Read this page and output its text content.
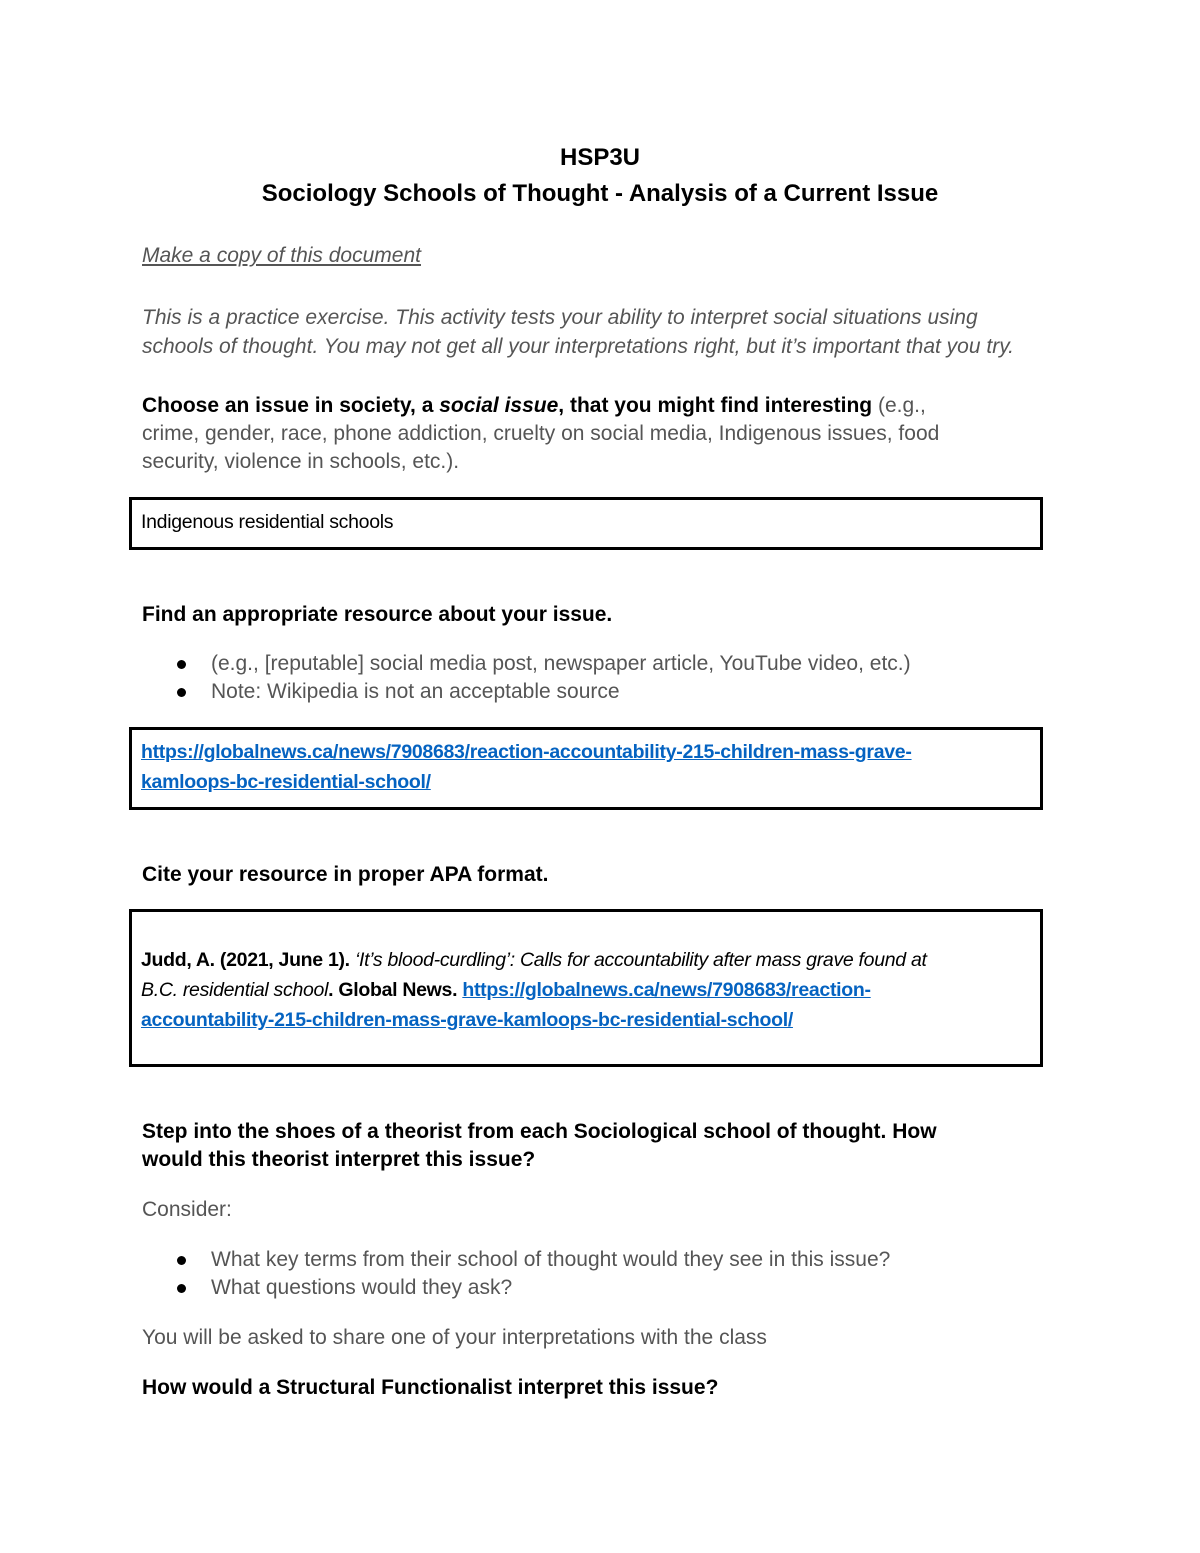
HSP3U
Sociology Schools of Thought - Analysis of a Current Issue
Make a copy of this document
This is a practice exercise. This activity tests your ability to interpret social situations using
schools of thought. You may not get all your interpretations right, but it’s important that you try.
Choose an issue in society, a social issue, that you might find interesting (e.g.,
crime, gender, race, phone addiction, cruelty on social media, Indigenous issues, food
security, violence in schools, etc.).
Indigenous residential schools
Find an appropriate resource about your issue.
(e.g., [reputable] social media post, newspaper article, YouTube video, etc.)
Note: Wikipedia is not an acceptable source
https://globalnews.ca/news/7908683/reaction-accountability-215-children-mass-grave-
kamloops-bc-residential-school/
Cite your resource in proper APA format.
Judd, A. (2021, June 1). ‘It’s blood-curdling’: Calls for accountability after mass grave found at
B.C. residential school. Global News. https://globalnews.ca/news/7908683/reaction-
accountability-215-children-mass-grave-kamloops-bc-residential-school/
Step into the shoes of a theorist from each Sociological school of thought. How
would this theorist interpret this issue?
Consider:
What key terms from their school of thought would they see in this issue?
What questions would they ask?
You will be asked to share one of your interpretations with the class
How would a Structural Functionalist interpret this issue?
